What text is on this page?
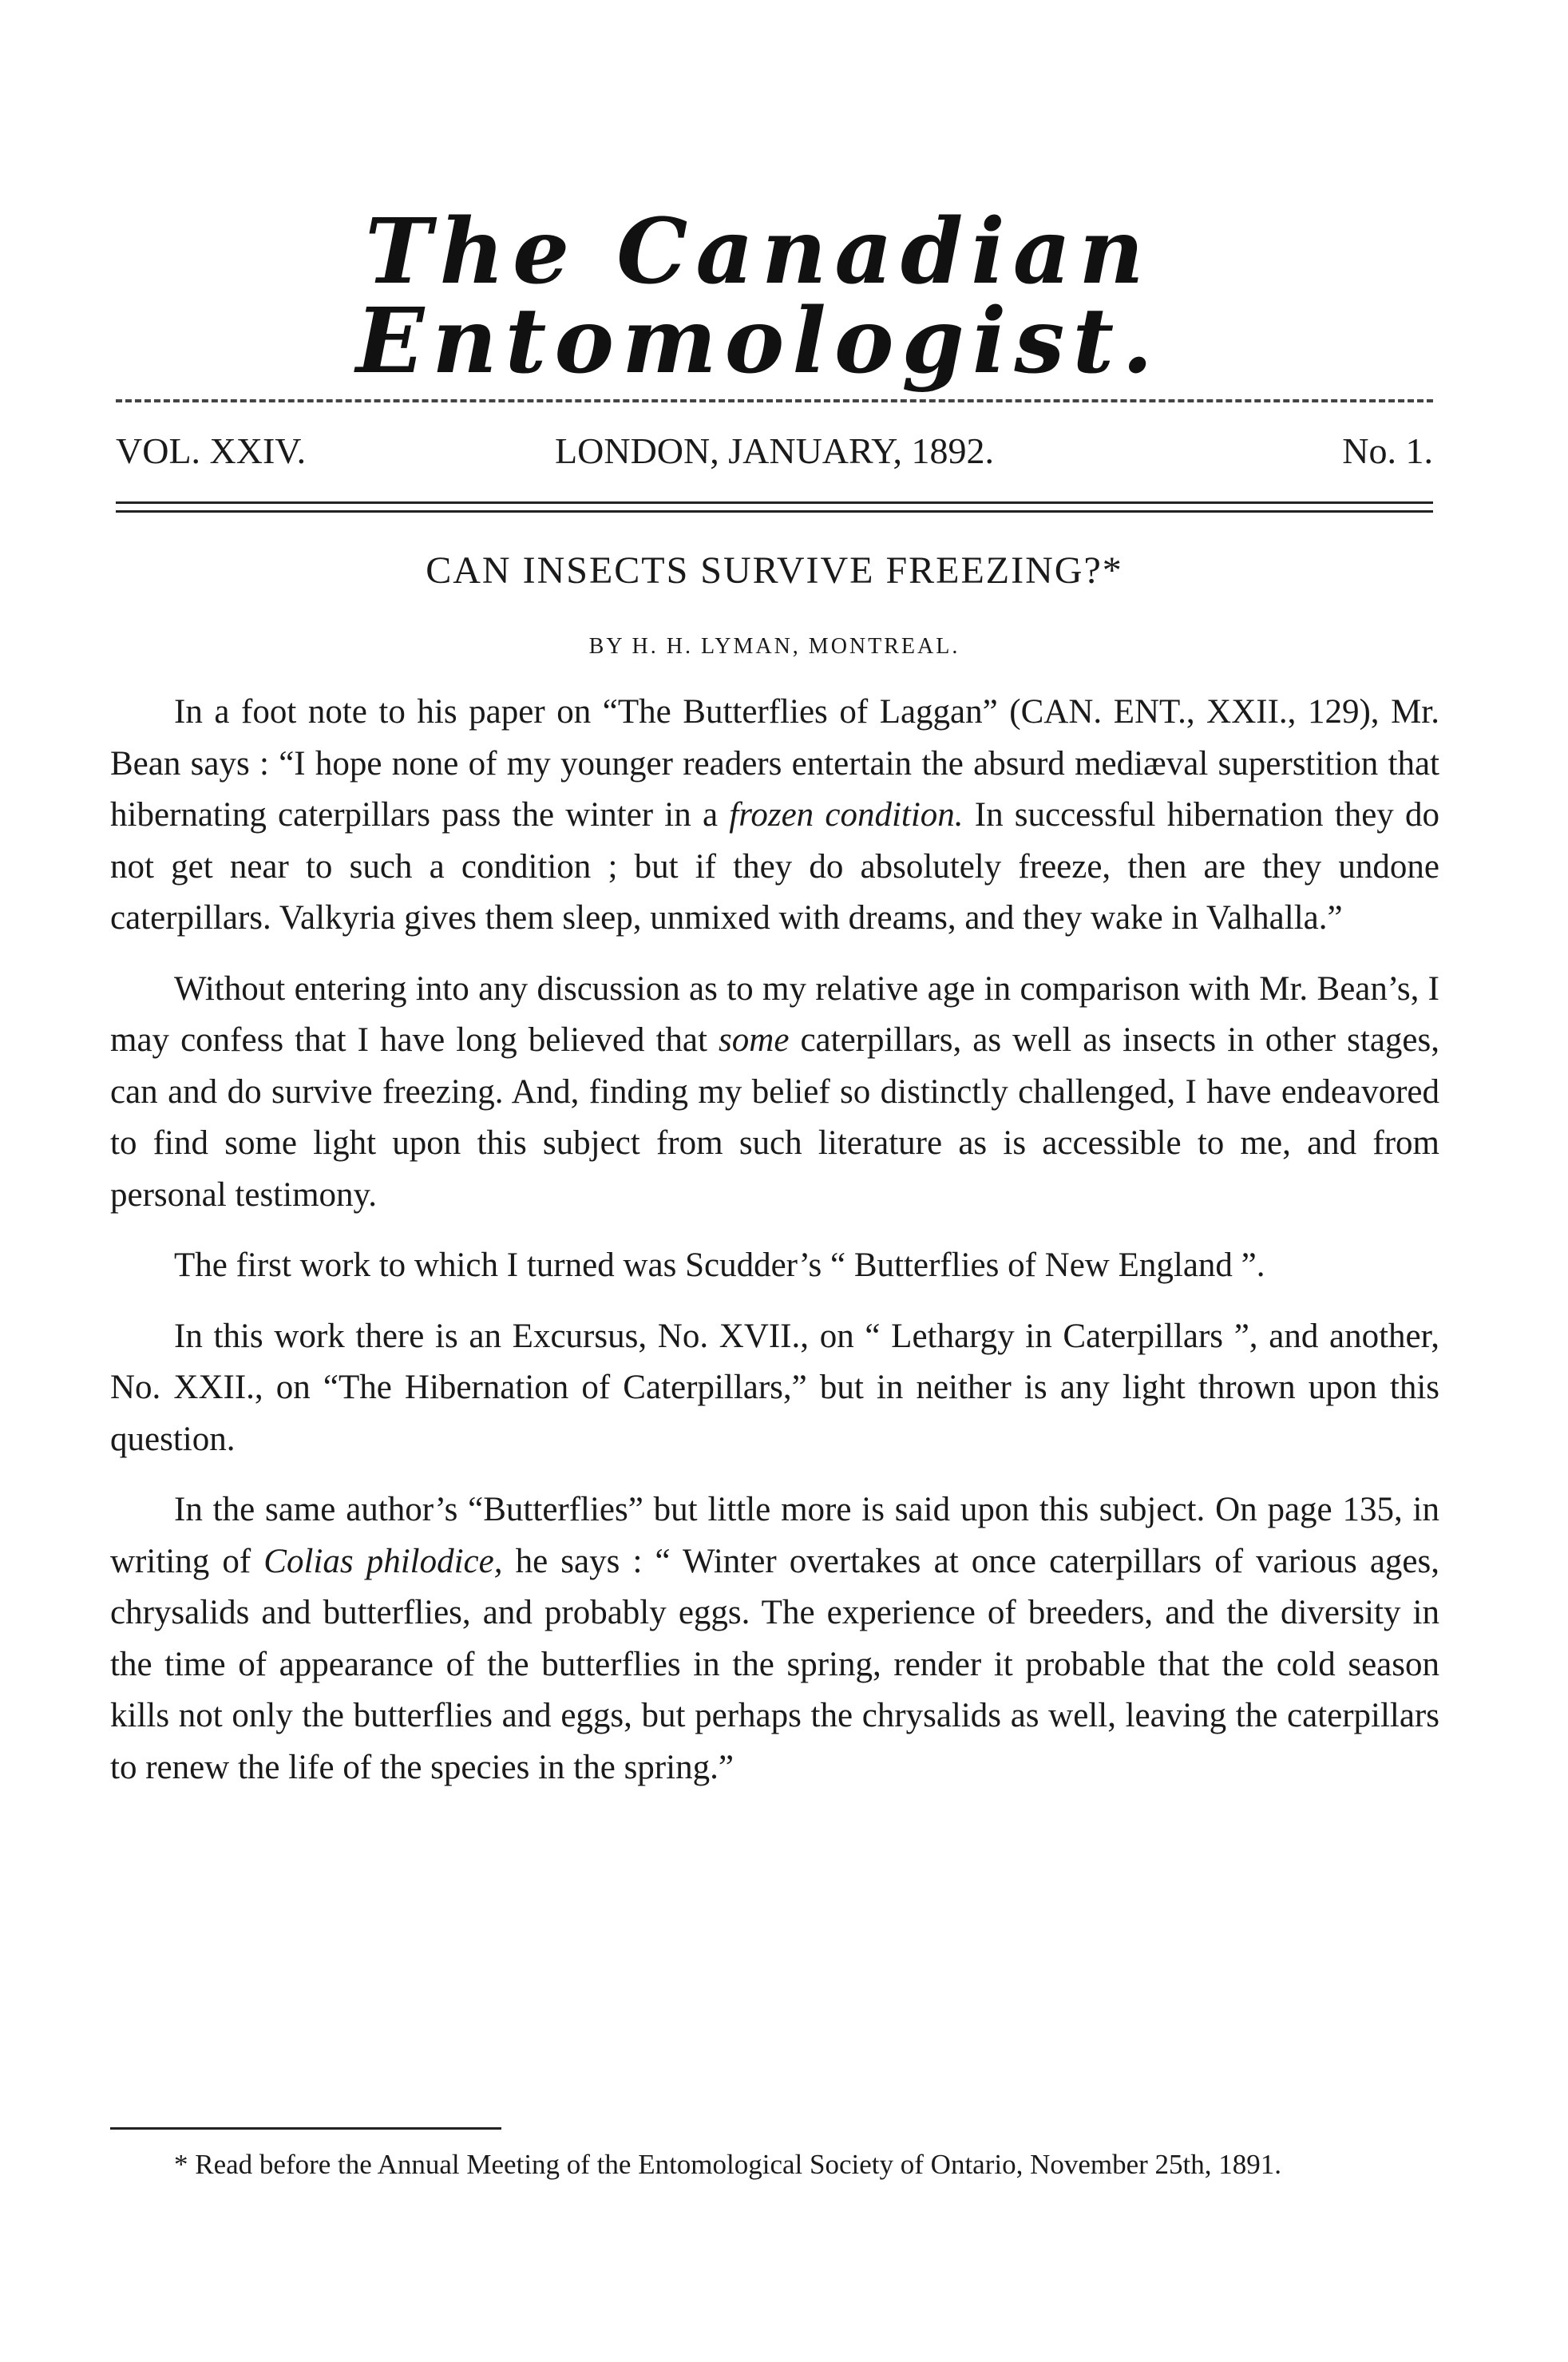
The Canadian Entomologist.
VOL. XXIV.	LONDON, JANUARY, 1892.	No. 1.
CAN INSECTS SURVIVE FREEZING?*
BY H. H. LYMAN, MONTREAL.

In a foot note to his paper on “The Butterflies of Laggan” (CAN. ENT., XXII., 129), Mr. Bean says : “I hope none of my younger readers entertain the absurd mediæval superstition that hibernating caterpillars pass the winter in a frozen condition. In successful hibernation they do not get near to such a condition ; but if they do absolutely freeze, then are they undone caterpillars. Valkyria gives them sleep, unmixed with dreams, and they wake in Valhalla.”

Without entering into any discussion as to my relative age in comparison with Mr. Bean’s, I may confess that I have long believed that some caterpillars, as well as insects in other stages, can and do survive freezing. And, finding my belief so distinctly challenged, I have endeavored to find some light upon this subject from such literature as is accessible to me, and from personal testimony.

The first work to which I turned was Scudder’s “ Butterflies of New England ”.

In this work there is an Excursus, No. XVII., on “ Lethargy in Caterpillars ”, and another, No. XXII., on “The Hibernation of Caterpillars,” but in neither is any light thrown upon this question.

In the same author’s “Butterflies” but little more is said upon this subject. On page 135, in writing of Colias philodice, he says : “ Winter overtakes at once caterpillars of various ages, chrysalids and butterflies, and probably eggs. The experience of breeders, and the diversity in the time of appearance of the butterflies in the spring, render it probable that the cold season kills not only the butterflies and eggs, but perhaps the chrysalids as well, leaving the caterpillars to renew the life of the species in the spring.”

* Read before the Annual Meeting of the Entomological Society of Ontario, November 25th, 1891.
